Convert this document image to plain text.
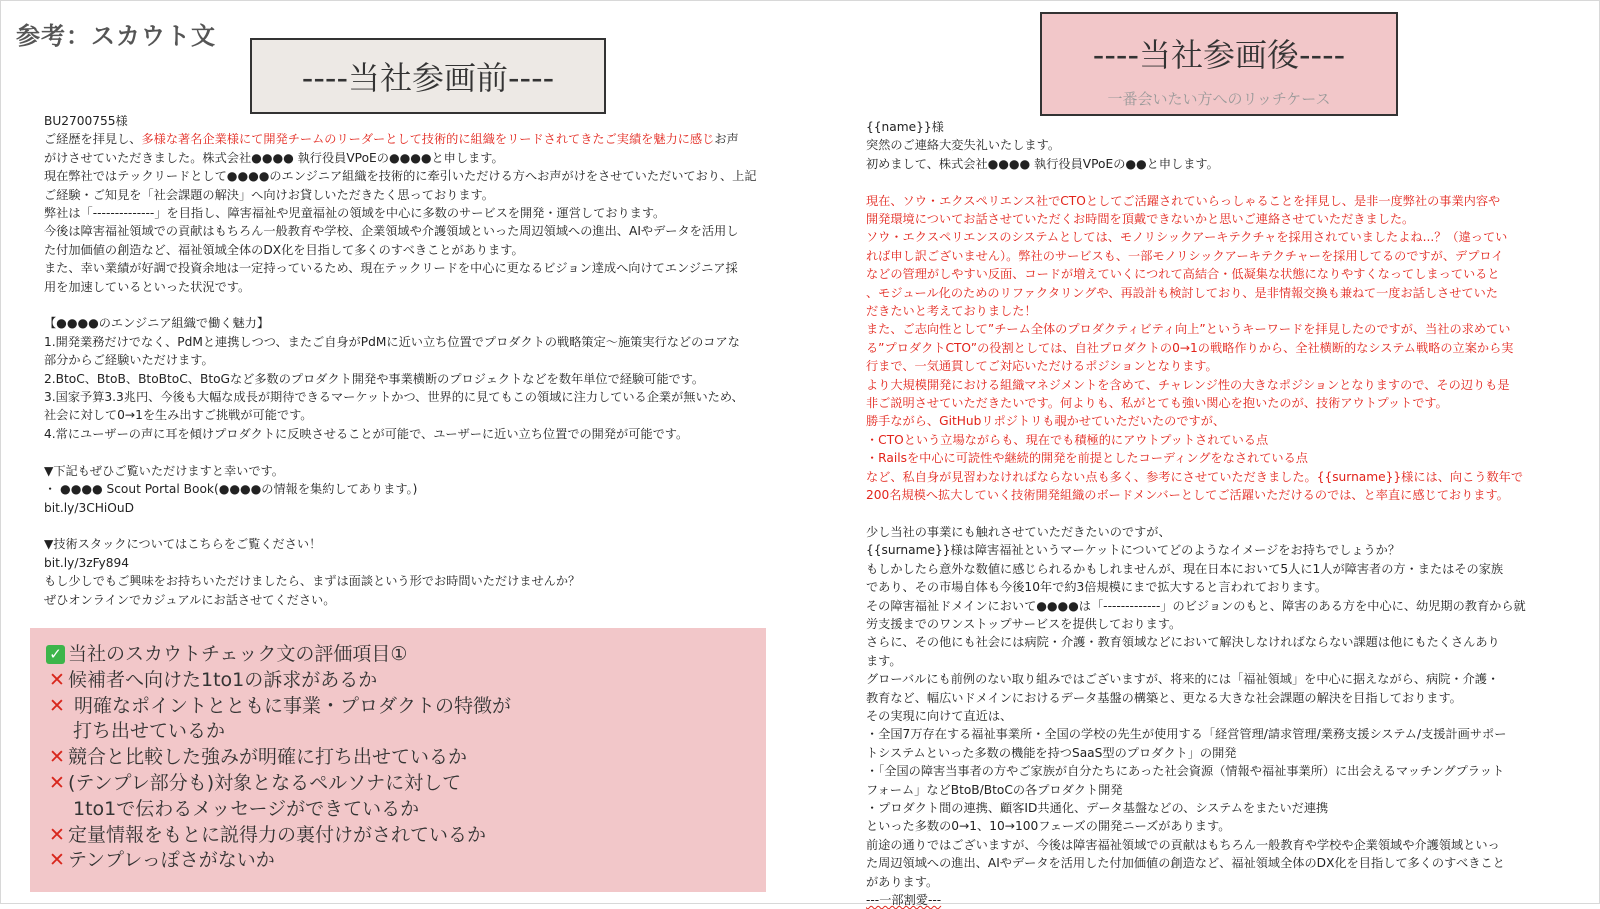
参考：スカウト文
----当社参画前----
----当社参画後----
一番会いたい方へのリッチケース
BU2700755様
ご経歴を拝見し、多様な著名企業様にて開発チームのリーダーとして技術的に組織をリードされてきたご実績を魅力に感じお声
がけさせていただきました。株式会社●●●● 執行役員VPoEの●●●●と申します。
現在弊社ではテックリードとして●●●●のエンジニア組織を技術的に牽引いただける方へお声がけをさせていただいており、上記
ご経験・ご知見を「社会課題の解決」へ向けお貸しいただきたく思っております。
弊社は「--------------」を目指し、障害福祉や児童福祉の領域を中心に多数のサービスを開発・運営しております。
今後は障害福祉領域での貢献はもちろん一般教育や学校、企業領域や介護領域といった周辺領域への進出、AIやデータを活用し
た付加価値の創造など、福祉領域全体のDX化を目指して多くのすべきことがあります。
また、幸い業績が好調で投資余地は一定持っているため、現在テックリードを中心に更なるビジョン達成へ向けてエンジニア採
用を加速しているといった状況です。
【●●●●のエンジニア組織で働く魅力】
1.開発業務だけでなく、PdMと連携しつつ、またご自身がPdMに近い立ち位置でプロダクトの戦略策定〜施策実行などのコアな
部分からご経験いただけます。
2.BtoC、BtoB、BtoBtoC、BtoGなど多数のプロダクト開発や事業横断のプロジェクトなどを数年単位で経験可能です。
3.国家予算3.3兆円、今後も大幅な成長が期待できるマーケットかつ、世界的に見てもこの領域に注力している企業が無いため、
社会に対して0→1を生み出すご挑戦が可能です。
4.常にユーザーの声に耳を傾けプロダクトに反映させることが可能で、ユーザーに近い立ち位置での開発が可能です。
▼下記もぜひご覧いただけますと幸いです。
・ ●●●● Scout Portal Book(●●●●の情報を集約してあります。)
bit.ly/3CHiOuD
▼技術スタックについてはこちらをご覧ください！
bit.ly/3zFy894
もし少しでもご興味をお持ちいただけましたら、まずは面談という形でお時間いただけませんか？
ぜひオンラインでカジュアルにお話させてください。
{{name}}様
突然のご連絡大変失礼いたします。
初めまして、株式会社●●●● 執行役員VPoEの●●と申します。
現在、ソウ・エクスペリエンス社でCTOとしてご活躍されていらっしゃることを拝見し、是非一度弊社の事業内容や
開発環境についてお話させていただくお時間を頂戴できないかと思いご連絡させていただきました。
ソウ・エクスペリエンスのシステムとしては、モノリシックアーキテクチャを採用されていましたよね...？（違ってい
れば申し訳ございません）。弊社のサービスも、一部モノリシックアーキテクチャーを採用してるのですが、デプロイ
などの管理がしやすい反面、コードが増えていくにつれて高結合・低凝集な状態になりやすくなってしまっていると
、モジュール化のためのリファクタリングや、再設計も検討しており、是非情報交換も兼ねて一度お話しさせていた
だきたいと考えておりました！
また、ご志向性として”チーム全体のプロダクティビティ向上”というキーワードを拝見したのですが、当社の求めてい
る”プロダクトCTO”の役割としては、自社プロダクトの0→1の戦略作りから、全社横断的なシステム戦略の立案から実
行まで、一気通貫してご対応いただけるポジションとなります。
より大規模開発における組織マネジメントを含めて、チャレンジ性の大きなポジションとなりますので、その辺りも是
非ご説明させていただきたいです。何よりも、私がとても強い関心を抱いたのが、技術アウトプットです。
勝手ながら、GitHubリポジトリも覗かせていただいたのですが、
・CTOという立場ながらも、現在でも積極的にアウトプットされている点
・Railsを中心に可読性や継続的開発を前提としたコーディングをなされている点
など、私自身が見習わなければならない点も多く、参考にさせていただきました。{{surname}}様には、向こう数年で
200名規模へ拡大していく技術開発組織のボードメンバーとしてご活躍いただけるのでは、と率直に感じております。
少し当社の事業にも触れさせていただきたいのですが、
{{surname}}様は障害福祉というマーケットについてどのようなイメージをお持ちでしょうか？
もしかしたら意外な数値に感じられるかもしれませんが、現在日本において5人に1人が障害者の方・またはその家族
であり、その市場自体も今後10年で約3倍規模にまで拡大すると言われております。
その障害福祉ドメインにおいて●●●●は「-------------」のビジョンのもと、障害のある方を中心に、幼児期の教育から就
労支援までのワンストップサービスを提供しております。
さらに、その他にも社会には病院・介護・教育領域などにおいて解決しなければならない課題は他にもたくさんあり
ます。
グローバルにも前例のない取り組みではございますが、将来的には「福祉領域」を中心に据えながら、病院・介護・
教育など、幅広いドメインにおけるデータ基盤の構築と、更なる大きな社会課題の解決を目指しております。
その実現に向けて直近は、
・全国7万存在する福祉事業所・全国の学校の先生が使用する「経営管理/請求管理/業務支援システム/支援計画サポー
トシステムといった多数の機能を持つSaaS型のプロダクト」の開発
・「全国の障害当事者の方やご家族が自分たちにあった社会資源（情報や福祉事業所）に出会えるマッチングプラット
フォーム」などBtoB/BtoCの各プロダクト開発
・プロダクト間の連携、顧客ID共通化、データ基盤などの、システムをまたいだ連携
といった多数の0→1、10→100フェーズの開発ニーズがあります。
前途の通りではございますが、今後は障害福祉領域での貢献はもちろん一般教育や学校や企業領域や介護領域といっ
た周辺領域への進出、AIやデータを活用した付加価値の創造など、福祉領域全体のDX化を目指して多くのすべきこと
があります。
---一部割愛---
✓ 当社のスカウトチェック文の評価項目①
✕ 候補者へ向けた1to1の訴求があるか
✕ 明確なポイントとともに事業・プロダクトの特徴が
打ち出せているか
✕ 競合と比較した強みが明確に打ち出せているか
✕ (テンプレ部分も)対象となるペルソナに対して
1to1で伝わるメッセージができているか
✕ 定量情報をもとに説得力の裏付けがされているか
✕ テンプレっぽさがないか
